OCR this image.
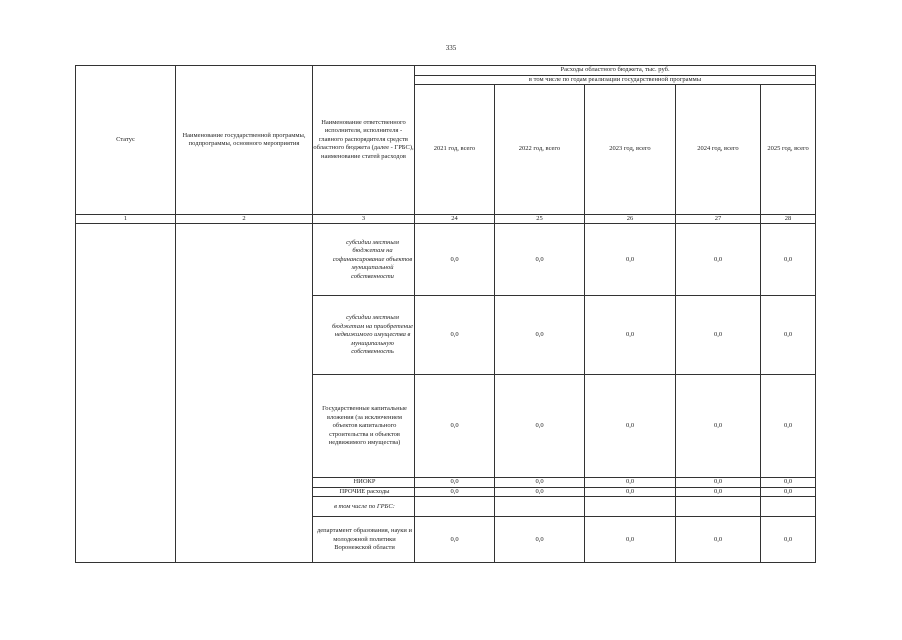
335
Статус	Наименование государственной программы, подпрограммы, основного мероприятия	Наименование ответственного исполнителя, исполнителя - главного распорядителя средств областного бюджета (далее - ГРБС), наименование статей расходов	Расходы областного бюджета, тыс. руб.				
			в том числе по годам реализации государственной программы				
			2021 год, всего	2022 год, всего	2023 год, всего	2024 год, всего	2025 год, всего
1	2	3	24	25	26	27	28
		субсидии местным бюджетам на софинансирование объектов муниципальной собственности	0,0	0,0	0,0	0,0	0,0
		субсидии местным бюджетам на приобретение недвижимого имущества в муниципальную собственность	0,0	0,0	0,0	0,0	0,0
		Государственные капитальные вложения (за исключением объектов капитального строительства и объектов недвижимого имущества)	0,0	0,0	0,0	0,0	0,0
		НИОКР	0,0	0,0	0,0	0,0	0,0
		ПРОЧИЕ расходы	0,0	0,0	0,0	0,0	0,0
		в том числе по ГРБС:					
		департамент образования, науки и молодежной политики Воронежской области	0,0	0,0	0,0	0,0	0,0
